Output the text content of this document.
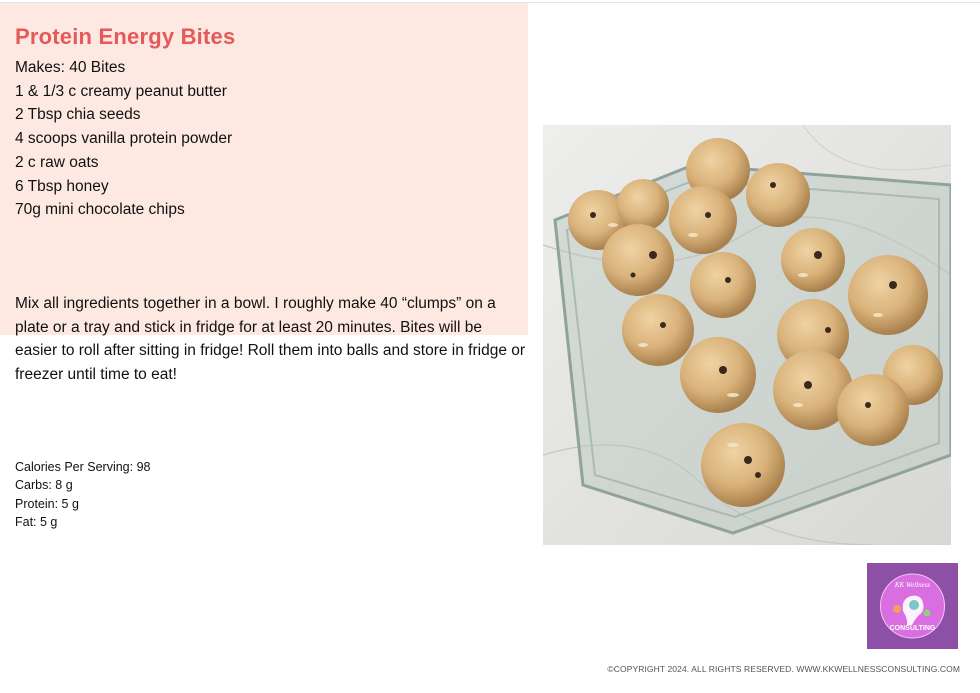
Protein Energy Bites
Makes: 40 Bites
1 & 1/3 c creamy peanut butter
2 Tbsp chia seeds
4 scoops vanilla protein powder
2 c raw oats
6 Tbsp honey
70g mini chocolate chips

Mix all ingredients together in a bowl. I roughly make 40 “clumps” on a plate or a tray and stick in fridge for at least 20 minutes. Bites will be easier to roll after sitting in fridge! Roll them into balls and store in fridge or freezer until time to eat!

Calories Per Serving: 98
Carbs: 8 g
Protein: 5 g
Fat: 5 g
KK Wellness
CONSULTING
©COPYRIGHT 2024. ALL RIGHTS RESERVED. WWW.KKWELLNESSCONSULTING.COM
